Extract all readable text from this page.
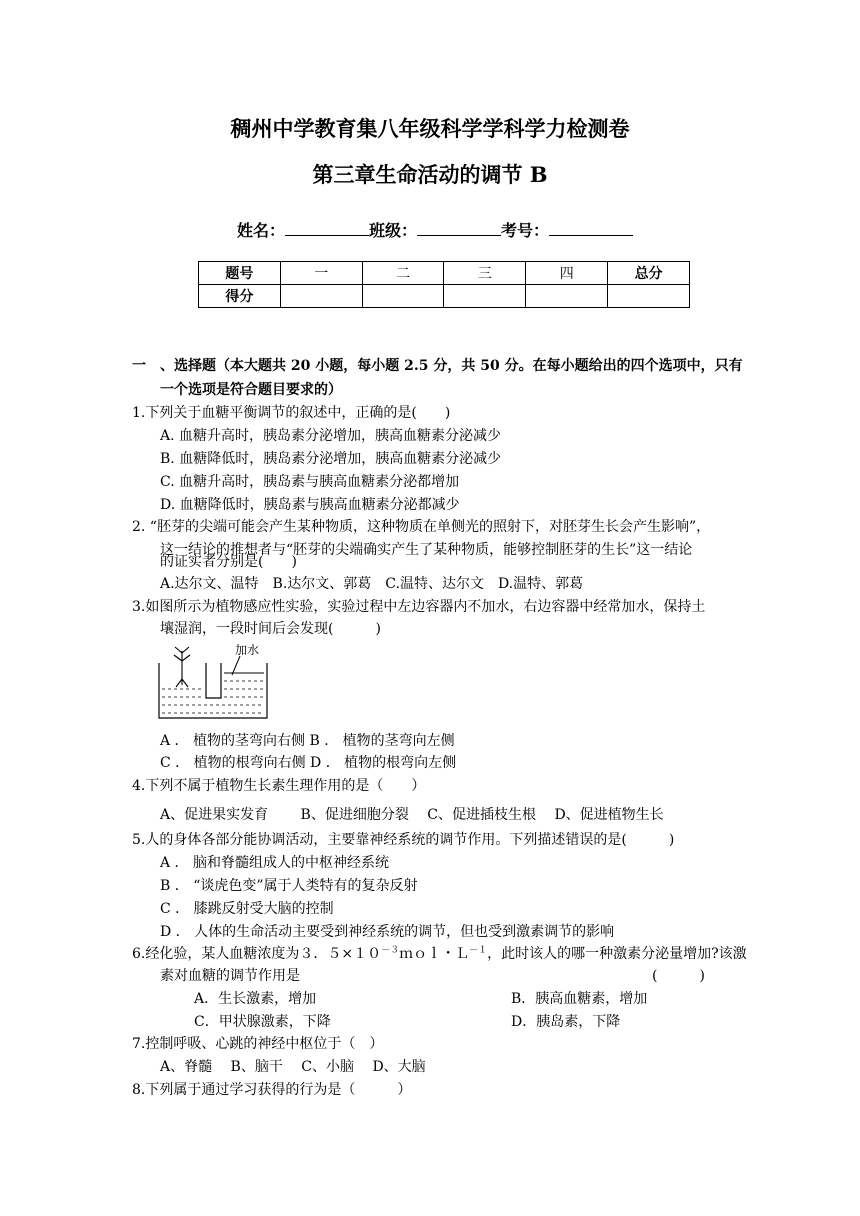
稠州中学教育集八年级科学学科学力检测卷
第三章生命活动的调节 B
姓名：	班级：	考号：
题号	一	二	三	四	总分
得分					
一　、选择题（本大题共 20 小题，每小题 2.5 分，共 50 分。在每小题给出的四个选项中，只有
一个选项是符合题目要求的）
1.下列关于血糖平衡调节的叙述中，正确的是(　　)
A. 血糖升高时，胰岛素分泌增加，胰高血糖素分泌减少
B. 血糖降低时，胰岛素分泌增加，胰高血糖素分泌减少
C. 血糖升高时，胰岛素与胰高血糖素分泌都增加
D. 血糖降低时，胰岛素与胰高血糖素分泌都减少
2. “胚芽的尖端可能会产生某种物质，这种物质在单侧光的照射下，对胚芽生长会产生影响”，
这一结论的推想者与“胚芽的尖端确实产生了某种物质，能够控制胚芽的生长”这一结论
的证实者分别是(　　)
A.达尔文、温特　B.达尔文、郭葛　C.温特、达尔文　D.温特、郭葛
3.如图所示为植物感应性实验，实验过程中左边容器内不加水，右边容器中经常加水，保持土
壤湿润，一段时间后会发现(　　　)
加水
A ． 植物的茎弯向右侧 B ． 植物的茎弯向左侧
C ． 植物的根弯向右侧 D ． 植物的根弯向左侧
4.下列不属于植物生长素生理作用的是（　　）
A、促进果实发育　　 B、促进细胞分裂　 C、促进插枝生根　 D、促进植物生长
5.人的身体各部分能协调活动，主要靠神经系统的调节作用。下列描述错误的是(　　　)
A ． 脑和脊髓组成人的中枢神经系统
B ． “谈虎色变”属于人类特有的复杂反射
C ． 膝跳反射受大脑的控制
D ． 人体的生命活动主要受到神经系统的调节，但也受到激素调节的影响
6.经化验，某人血糖浓度为３．$5\times 10^{-3}mol$・Ｌ$^{-1}$，此时该人的哪一种激素分泌量增加?该激
素对血糖的调节作用是	(　　　)
A．生长激素，增加	B．胰高血糖素，增加
C．甲状腺激素，下降	D．胰岛素，下降
7.控制呼吸、心跳的神经中枢位于（　）
A、脊髓　 B、脑干　 C、小脑　 D、大脑
8.下列属于通过学习获得的行为是（　　　）
